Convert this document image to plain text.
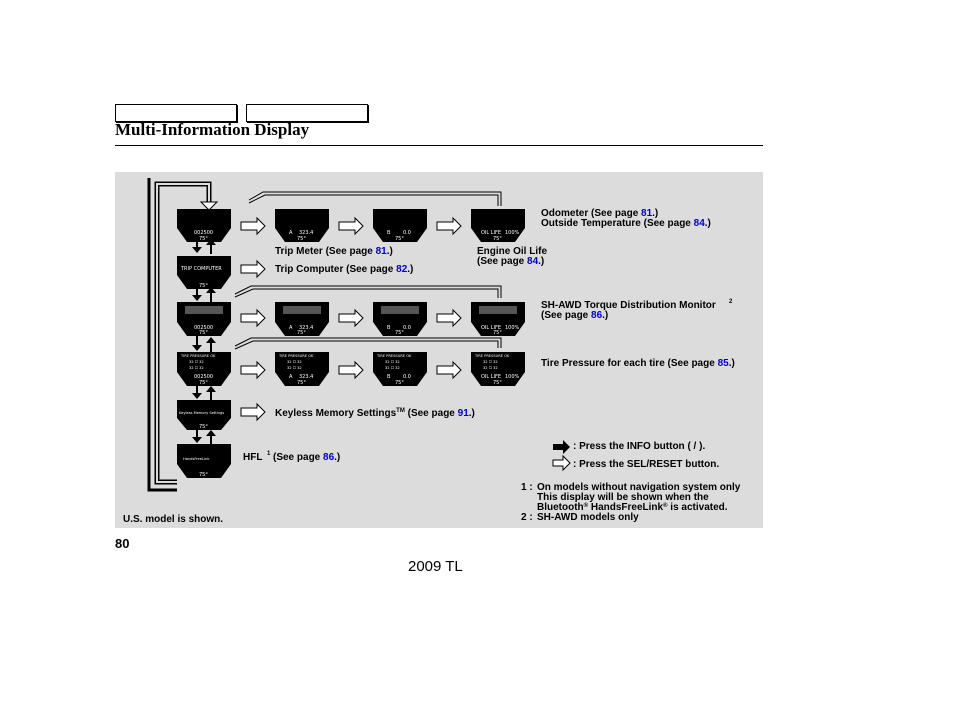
Multi-Information Display
002500
75°
A 323.4
75°
B	0.0
75°
OIL LIFE 100%
75°
TRIP COMPUTER
75°
002500
75°
A 323.4
75°
B	0.0
75°
OIL LIFE 100%
75°
TIRE PRESSURE OK
32 ☐ 32
32 ☐ 32
002500
75°
TIRE PRESSURE OK
32 ☐ 32
32 ☐ 32
A 323.4
75°
TIRE PRESSURE OK
32 ☐ 32
32 ☐ 32
B	0.0
75°
TIRE PRESSURE OK
32 ☐ 32
32 ☐ 32
OIL LIFE 100%
75°
Keyless Memory Settings
75°
HandsFreeLink
75°
Odometer (See page 81.)
Outside Temperature (See page 84.)
Trip Meter (See page 81.)	Engine Oil Life
(See page 84.)
Trip Computer (See page 82.)
SH-AWD Torque Distribution Monitor 2
(See page 86.)
Tire Pressure for each tire (See page 85.)
Keyless Memory Settings™ (See page 91.)
HFL 1 (See page 86.)
: Press the INFO button ( / ).
: Press the SEL/RESET button.
1 : On models without navigation system only
This display will be shown when the
Bluetooth® HandsFreeLink® is activated.
2 : SH-AWD models only
U.S. model is shown.
80
2009 TL
